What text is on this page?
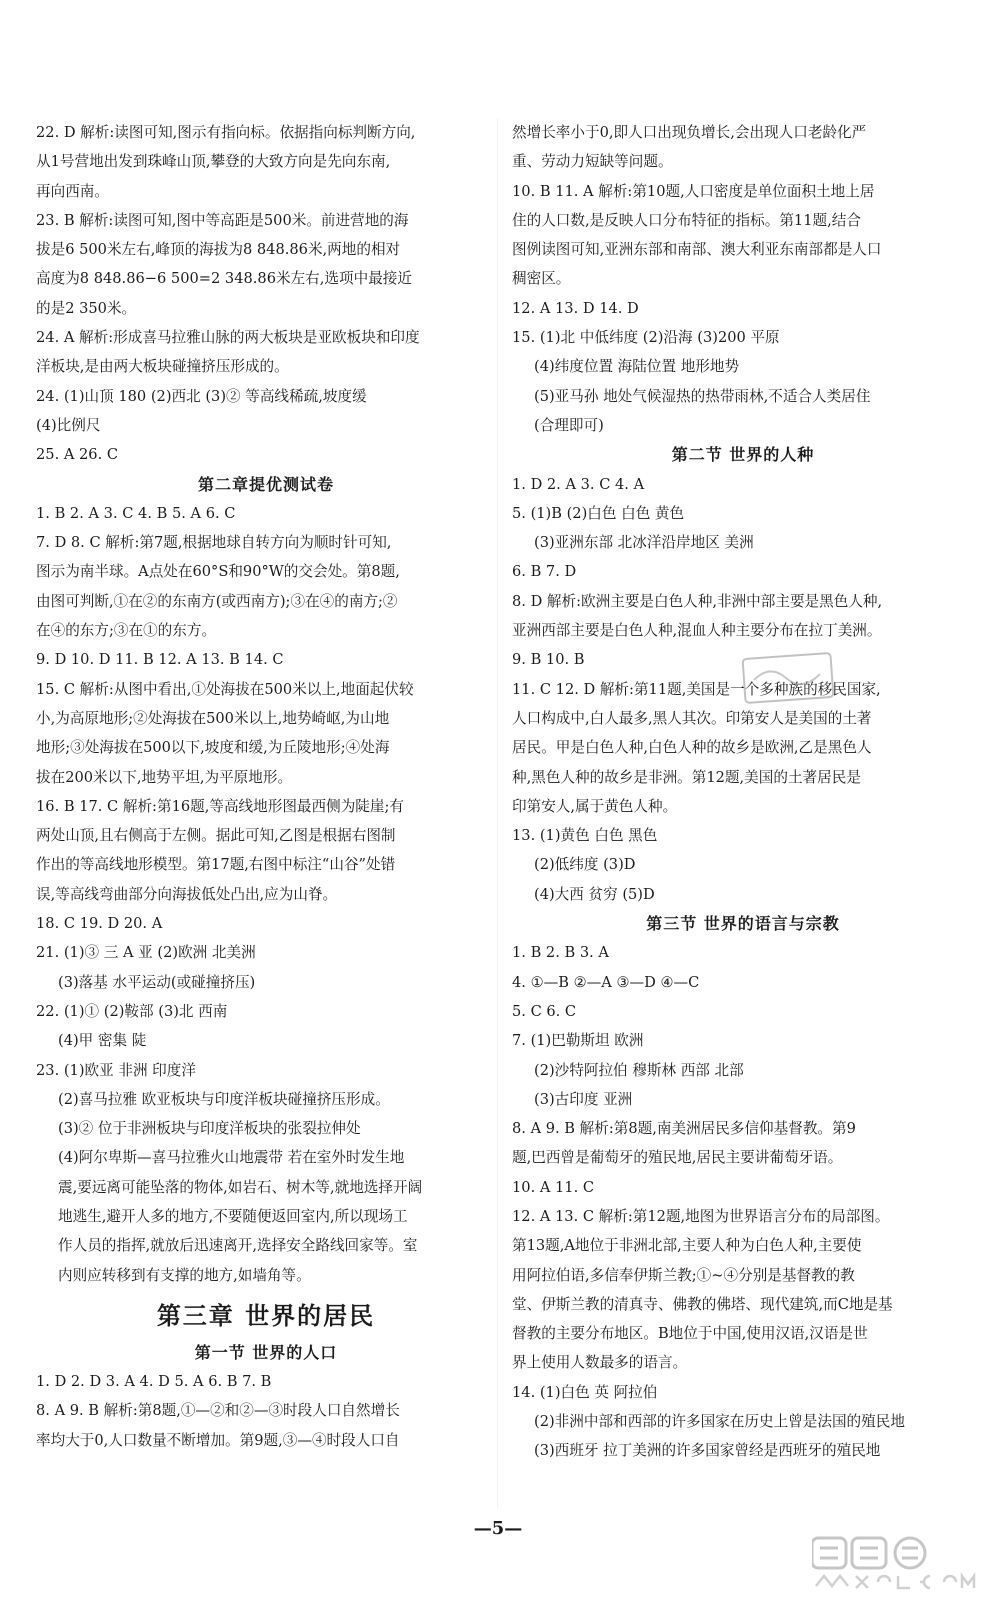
22. D 解析:读图可知,图示有指向标。依据指向标判断方向,
从1号营地出发到珠峰山顶,攀登的大致方向是先向东南,
再向西南。
23. B 解析:读图可知,图中等高距是500米。前进营地的海
拔是6 500米左右,峰顶的海拔为8 848.86米,两地的相对
高度为8 848.86−6 500=2 348.86米左右,选项中最接近
的是2 350米。
24. A 解析:形成喜马拉雅山脉的两大板块是亚欧板块和印度
洋板块,是由两大板块碰撞挤压形成的。
24. (1)山顶 180 (2)西北 (3)② 等高线稀疏,坡度缓
(4)比例尺
25. A 26. C
第二章提优测试卷
1. B 2. A 3. C 4. B 5. A 6. C
7. D 8. C 解析:第7题,根据地球自转方向为顺时针可知,
图示为南半球。A点处在60°S和90°W的交会处。第8题,
由图可判断,①在②的东南方(或西南方);③在④的南方;②
在④的东方;③在①的东方。
9. D 10. D 11. B 12. A 13. B 14. C
15. C 解析:从图中看出,①处海拔在500米以上,地面起伏较
小,为高原地形;②处海拔在500米以上,地势崎岖,为山地
地形;③处海拔在500以下,坡度和缓,为丘陵地形;④处海
拔在200米以下,地势平坦,为平原地形。
16. B 17. C 解析:第16题,等高线地形图最西侧为陡崖;有
两处山顶,且右侧高于左侧。据此可知,乙图是根据右图制
作出的等高线地形模型。第17题,右图中标注“山谷”处错
误,等高线弯曲部分向海拔低处凸出,应为山脊。
18. C 19. D 20. A
21. (1)③ 三 A 亚 (2)欧洲 北美洲
(3)落基 水平运动(或碰撞挤压)
22. (1)① (2)鞍部 (3)北 西南
(4)甲 密集 陡
23. (1)欧亚 非洲 印度洋
(2)喜马拉雅 欧亚板块与印度洋板块碰撞挤压形成。
(3)② 位于非洲板块与印度洋板块的张裂拉伸处
(4)阿尔卑斯—喜马拉雅火山地震带 若在室外时发生地
震,要远离可能坠落的物体,如岩石、树木等,就地选择开阔
地逃生,避开人多的地方,不要随便返回室内,所以现场工
作人员的指挥,就放后迅速离开,选择安全路线回家等。室
内则应转移到有支撑的地方,如墙角等。
第三章 世界的居民
第一节 世界的人口
1. D 2. D 3. A 4. D 5. A 6. B 7. B
8. A 9. B 解析:第8题,①—②和②—③时段人口自然增长
率均大于0,人口数量不断增加。第9题,③—④时段人口自
然增长率小于0,即人口出现负增长,会出现人口老龄化严
重、劳动力短缺等问题。
10. B 11. A 解析:第10题,人口密度是单位面积土地上居
住的人口数,是反映人口分布特征的指标。第11题,结合
图例读图可知,亚洲东部和南部、澳大利亚东南部都是人口
稠密区。
12. A 13. D 14. D
15. (1)北 中低纬度 (2)沿海 (3)200 平原
(4)纬度位置 海陆位置 地形地势
(5)亚马孙 地处气候湿热的热带雨林,不适合人类居住
(合理即可)
第二节 世界的人种
1. D 2. A 3. C 4. A
5. (1)B (2)白色 白色 黄色
(3)亚洲东部 北冰洋沿岸地区 美洲
6. B 7. D
8. D 解析:欧洲主要是白色人种,非洲中部主要是黑色人种,
亚洲西部主要是白色人种,混血人种主要分布在拉丁美洲。
9. B 10. B
11. C 12. D 解析:第11题,美国是一个多种族的移民国家,
人口构成中,白人最多,黑人其次。印第安人是美国的土著
居民。甲是白色人种,白色人种的故乡是欧洲,乙是黑色人
种,黑色人种的故乡是非洲。第12题,美国的土著居民是
印第安人,属于黄色人种。
13. (1)黄色 白色 黑色
(2)低纬度 (3)D
(4)大西 贫穷 (5)D
第三节 世界的语言与宗教
1. B 2. B 3. A
4. ①—B ②—A ③—D ④—C
5. C 6. C
7. (1)巴勒斯坦 欧洲
(2)沙特阿拉伯 穆斯林 西部 北部
(3)古印度 亚洲
8. A 9. B 解析:第8题,南美洲居民多信仰基督教。第9
题,巴西曾是葡萄牙的殖民地,居民主要讲葡萄牙语。
10. A 11. C
12. A 13. C 解析:第12题,地图为世界语言分布的局部图。
第13题,A地位于非洲北部,主要人种为白色人种,主要使
用阿拉伯语,多信奉伊斯兰教;①~④分别是基督教的教
堂、伊斯兰教的清真寺、佛教的佛塔、现代建筑,而C地是基
督教的主要分布地区。B地位于中国,使用汉语,汉语是世
界上使用人数最多的语言。
14. (1)白色 英 阿拉伯
(2)非洲中部和西部的许多国家在历史上曾是法国的殖民地
(3)西班牙 拉丁美洲的许多国家曾经是西班牙的殖民地
—5—
